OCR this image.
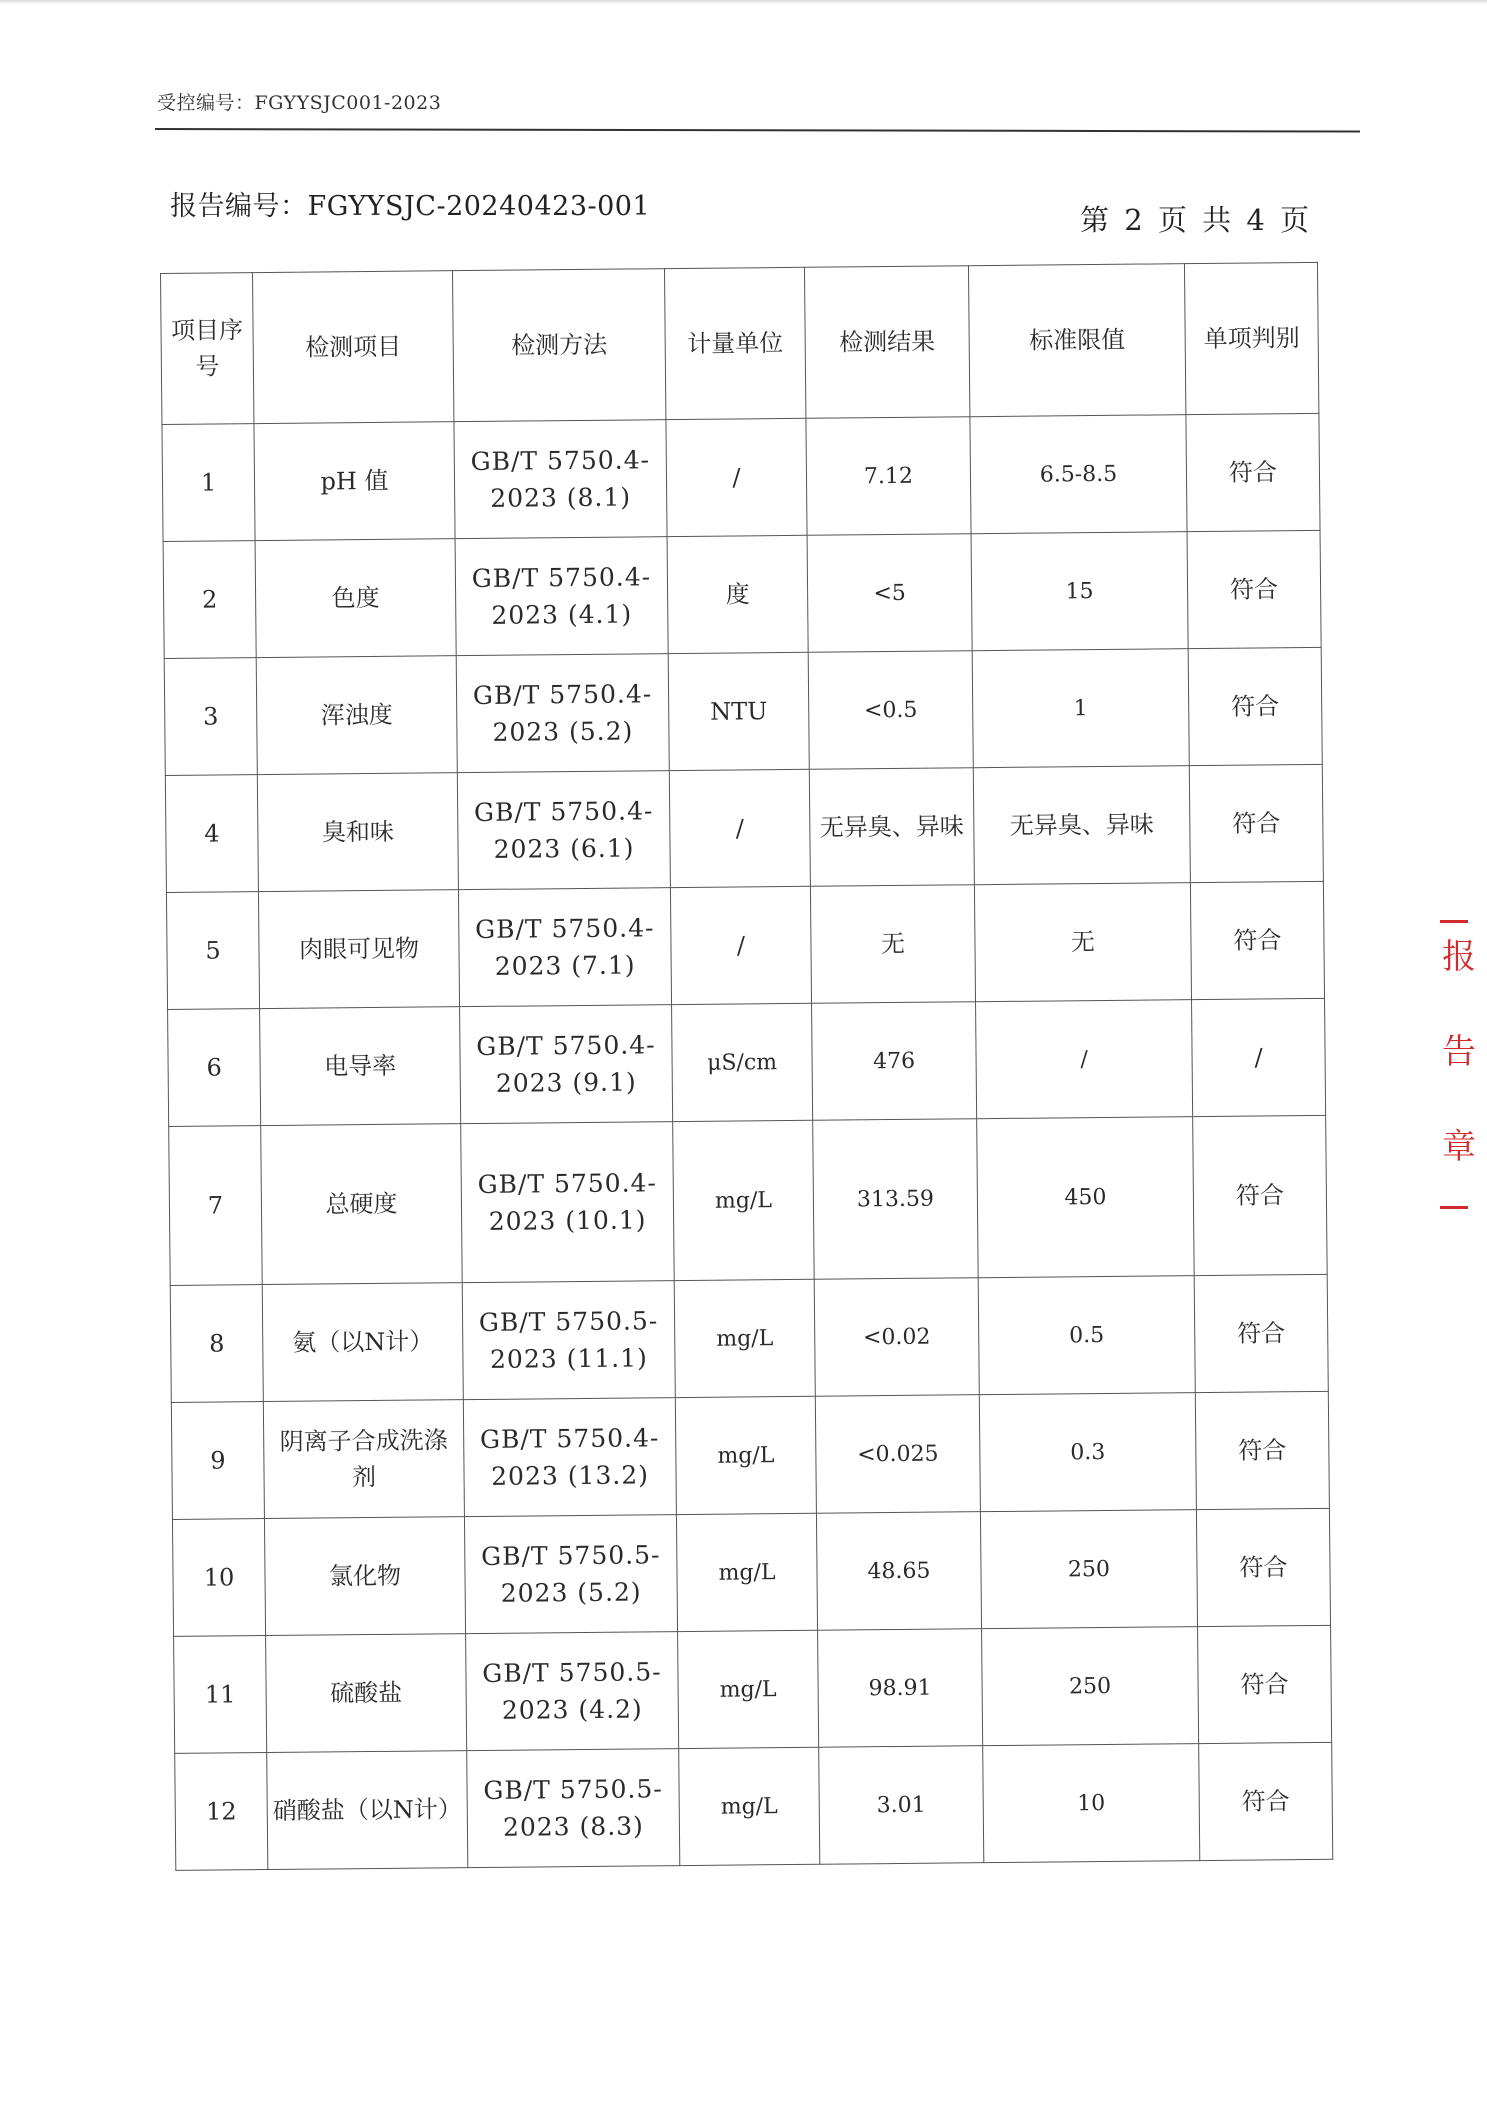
受控编号：FGYYSJC001-2023
报告编号：FGYYSJC-20240423-001	第 2 页 共 4 页
项目序号	检测项目	检测方法	计量单位	检测结果	标准限值	单项判别
1	pH 值	GB/T 5750.4-2023 (8.1)	/	7.12	6.5-8.5	符合
2	色度	GB/T 5750.4-2023 (4.1)	度	<5	15	符合
3	浑浊度	GB/T 5750.4-2023 (5.2)	NTU	<0.5	1	符合
4	臭和味	GB/T 5750.4-2023 (6.1)	/	无异臭、异味	无异臭、异味	符合
5	肉眼可见物	GB/T 5750.4-2023 (7.1)	/	无	无	符合
6	电导率	GB/T 5750.4-2023 (9.1)	μS/cm	476	/	/
7	总硬度	GB/T 5750.4-2023 (10.1)	mg/L	313.59	450	符合
8	氨（以N计）	GB/T 5750.5-2023 (11.1)	mg/L	<0.02	0.5	符合
9	阴离子合成洗涤剂	GB/T 5750.4-2023 (13.2)	mg/L	<0.025	0.3	符合
10	氯化物	GB/T 5750.5-2023 (5.2)	mg/L	48.65	250	符合
11	硫酸盐	GB/T 5750.5-2023 (4.2)	mg/L	98.91	250	符合
12	硝酸盐（以N计）	GB/T 5750.5-2023 (8.3)	mg/L	3.01	10	符合
报
告
章
